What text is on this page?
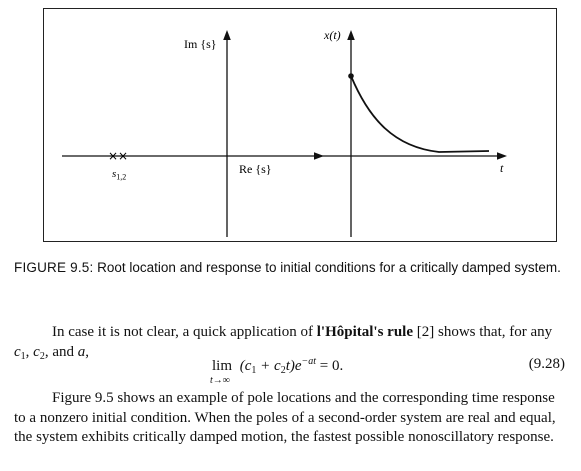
Im {s}
Re {s}
××
$s_{1,2}$
x(t)
t

FIGURE 9.5: Root location and response to initial conditions for a critically damped system.

In case it is not clear, a quick application of l'Hôpital's rule [2] shows that, for any $c_1$, $c_2$, and a,

lim
t→∞
$(c_1 + c_2t)e^{-at} = 0$.	(9.28)

Figure 9.5 shows an example of pole locations and the corresponding time response to a nonzero initial condition. When the poles of a second-order system are real and equal, the system exhibits critically damped motion, the fastest possible nonoscillatory response.
